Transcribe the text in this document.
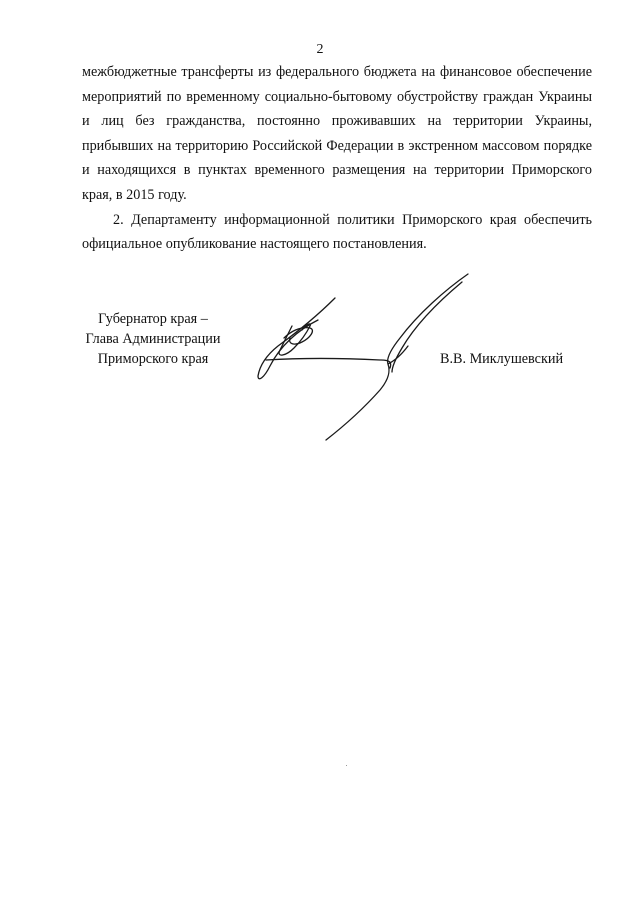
2

межбюджетные трансферты из федерального бюджета на финансовое обеспечение мероприятий по временному социально-бытовому обустройству граждан Украины и лиц без гражданства, постоянно проживавших на территории Украины, прибывших на территорию Российской Федерации в экстренном массовом порядке и находящихся в пунктах временного размещения на территории Приморского края, в 2015 году.

2. Департаменту информационной политики Приморского края обеспечить официальное опубликование настоящего постановления.

Губернатор края –
Глава Администрации
Приморского края	В.В. Миклушевский
